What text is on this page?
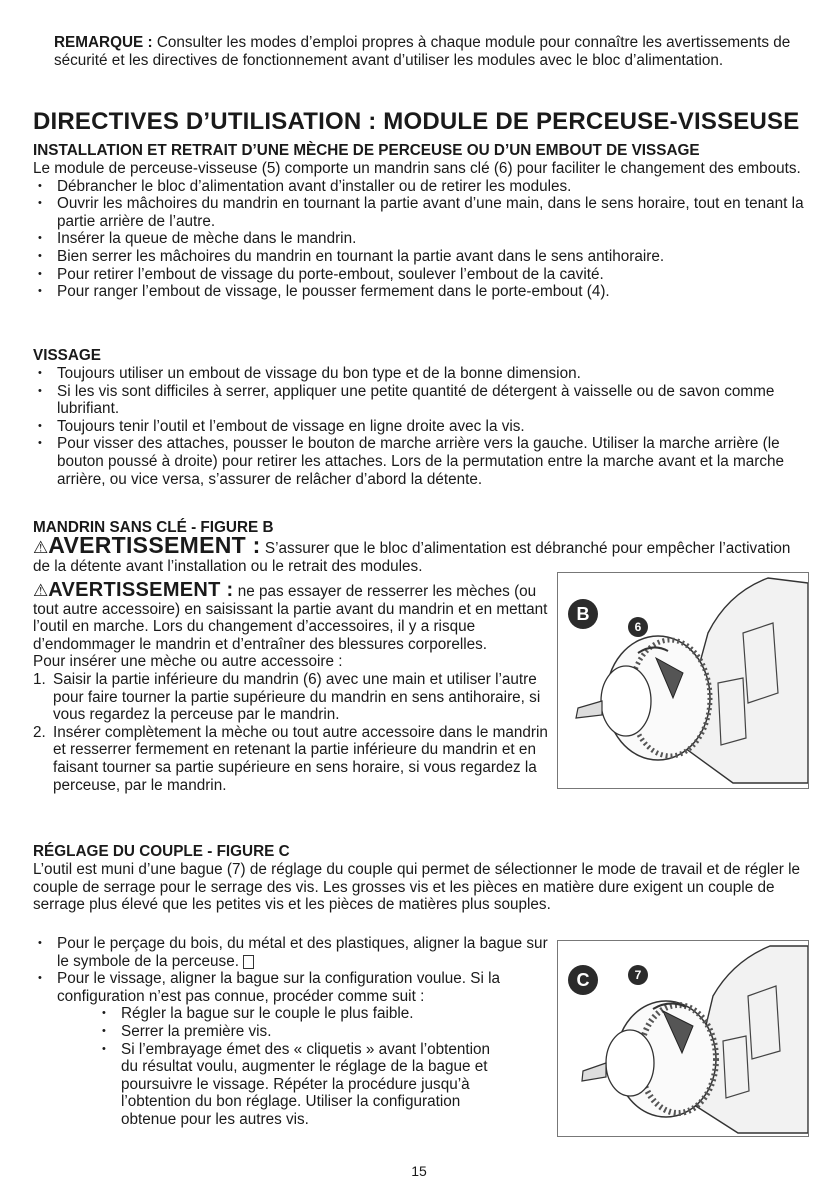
REMARQUE : Consulter les modes d’emploi propres à chaque module pour connaître les avertissements de sécurité et les directives de fonctionnement avant d’utiliser les modules avec le bloc d’alimentation.

DIRECTIVES D’UTILISATION : MODULE DE PERCEUSE-VISSEUSE

INSTALLATION ET RETRAIT D’UNE MÈCHE DE PERCEUSE OU D’UN EMBOUT DE VISSAGE

Le module de perceuse-visseuse (5) comporte un mandrin sans clé (6) pour faciliter le changement des embouts.

• Débrancher le bloc d’alimentation avant d’installer ou de retirer les modules.
• Ouvrir les mâchoires du mandrin en tournant la partie avant d’une main, dans le sens horaire, tout en tenant la partie arrière de l’autre.
• Insérer la queue de mèche dans le mandrin.
• Bien serrer les mâchoires du mandrin en tournant la partie avant dans le sens antihoraire.
• Pour retirer l’embout de vissage du porte-embout, soulever l’embout de la cavité.
• Pour ranger l’embout de vissage, le pousser fermement dans le porte-embout (4).

VISSAGE

• Toujours utiliser un embout de vissage du bon type et de la bonne dimension.
• Si les vis sont difficiles à serrer, appliquer une petite quantité de détergent à vaisselle ou de savon comme lubrifiant.
• Toujours tenir l’outil et l’embout de vissage en ligne droite avec la vis.
• Pour visser des attaches, pousser le bouton de marche arrière vers la gauche. Utiliser la marche arrière (le bouton poussé à droite) pour retirer les attaches. Lors de la permutation entre la marche avant et la marche arrière, ou vice versa, s’assurer de relâcher d’abord la détente.

MANDRIN SANS CLÉ - FIGURE B

⚠AVERTISSEMENT : S’assurer que le bloc d’alimentation est débranché pour empêcher l’activation de la détente avant l’installation ou le retrait des modules.

⚠AVERTISSEMENT : ne pas essayer de resserrer les mèches (ou tout autre accessoire) en saisissant la partie avant du mandrin et en mettant l’outil en marche. Lors du changement d’accessoires, il y a risque d’endommager le mandrin et d’entraîner des blessures corporelles.

Pour insérer une mèche ou autre accessoire :

1. Saisir la partie inférieure du mandrin (6) avec une main et utiliser l’autre pour faire tourner la partie supérieure du mandrin en sens antihoraire, si vous regardez la perceuse par le mandrin.
2. Insérer complètement la mèche ou tout autre accessoire dans le mandrin et resserrer fermement en retenant la partie inférieure du mandrin et en faisant tourner sa partie supérieure en sens horaire, si vous regardez la perceuse, par le mandrin.
B
6

RÉGLAGE DU COUPLE - FIGURE C

L’outil est muni d’une bague (7) de réglage du couple qui permet de sélectionner le mode de travail et de régler le couple de serrage pour le serrage des vis. Les grosses vis et les pièces en matière dure exigent un couple de serrage plus élevé que les petites vis et les pièces de matières plus souples.

• Pour le perçage du bois, du métal et des plastiques, aligner la bague sur le symbole de la perceuse.
• Pour le vissage, aligner la bague sur la configuration voulue. Si la configuration n’est pas connue, procéder comme suit :
• Régler la bague sur le couple le plus faible.
• Serrer la première vis.
• Si l’embrayage émet des « cliquetis » avant l’obtention du résultat voulu, augmenter le réglage de la bague et poursuivre le vissage. Répéter la procédure jusqu’à l’obtention du bon réglage. Utiliser la configuration obtenue pour les autres vis.
C	7
15
